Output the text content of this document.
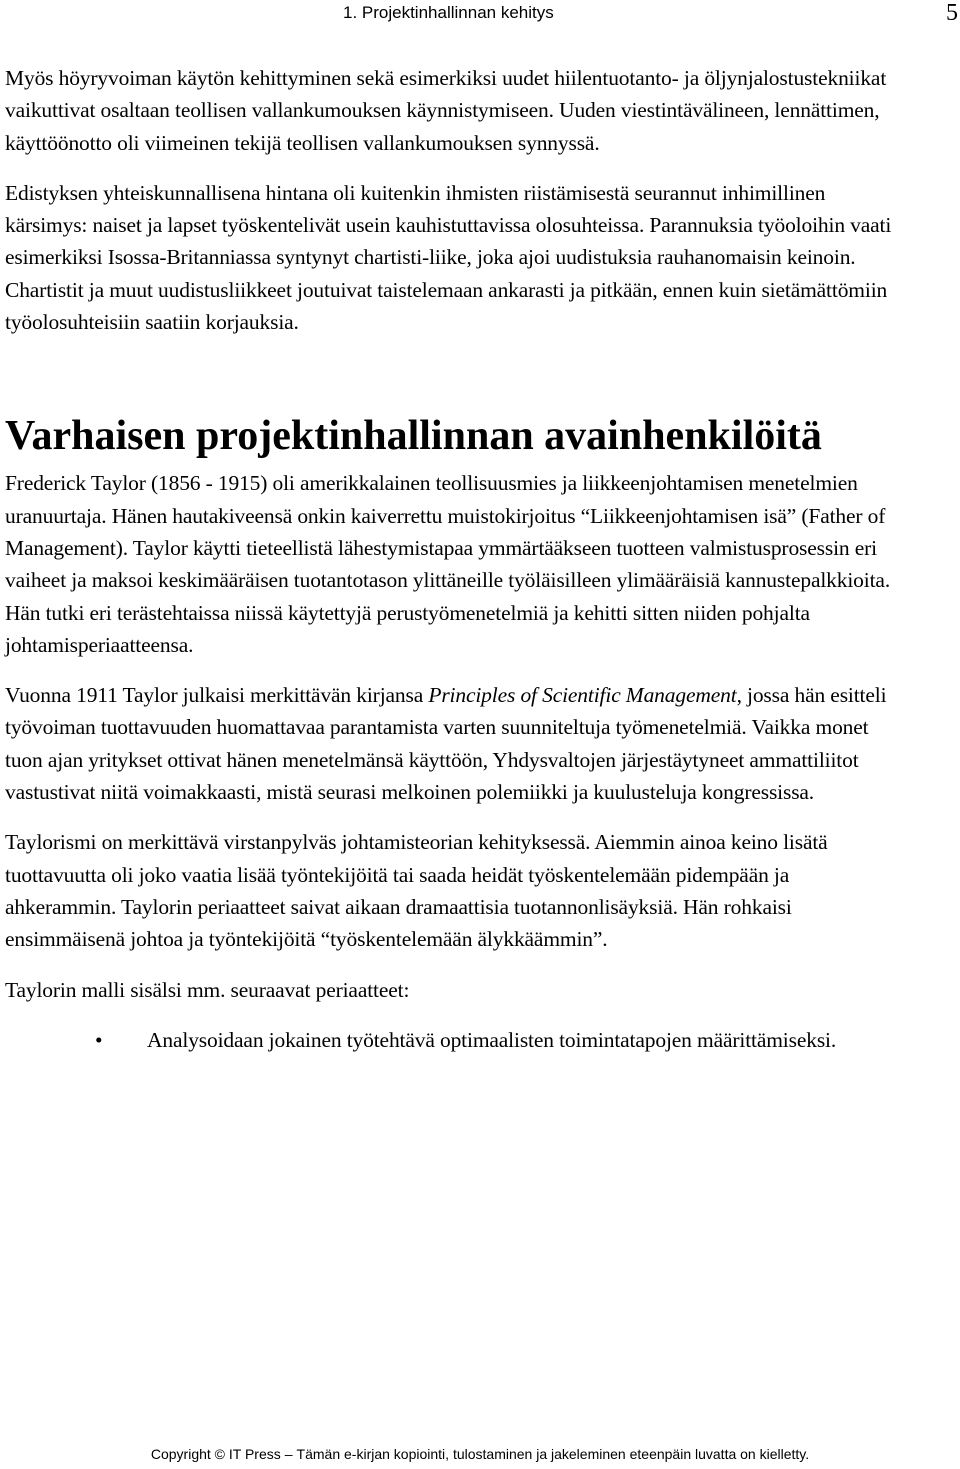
1. Projektinhallinnan kehitys	5

Myös höyryvoiman käytön kehittyminen sekä esimerkiksi uudet hiilentuotanto- ja öljynjalostustekniikat vaikuttivat osaltaan teollisen vallankumouksen käynnistymiseen. Uuden viestintävälineen, lennättimen, käyttöönotto oli viimeinen tekijä teollisen vallankumouksen synnyssä.

Edistyksen yhteiskunnallisena hintana oli kuitenkin ihmisten riistämisestä seurannut inhimillinen kärsimys: naiset ja lapset työskentelivät usein kauhistuttavissa olosuhteissa. Parannuksia työoloihin vaati esimerkiksi Isossa-Britanniassa syntynyt chartisti-liike, joka ajoi uudistuksia rauhanomaisin keinoin. Chartistit ja muut uudistusliikkeet joutuivat taistelemaan ankarasti ja pitkään, ennen kuin sietämättömiin työolosuhteisiin saatiin korjauksia.

Varhaisen projektinhallinnan avainhenkilöitä

Frederick Taylor (1856 - 1915) oli amerikkalainen teollisuusmies ja liikkeenjohtamisen menetelmien uranuurtaja. Hänen hautakiveensä onkin kaiverrettu muistokirjoitus “Liikkeenjohtamisen isä” (Father of Management). Taylor käytti tieteellistä lähestymistapaa ymmärtääkseen tuotteen valmistusprosessin eri vaiheet ja maksoi keskimääräisen tuotantotason ylittäneille työläisilleen ylimääräisiä kannustepalkkioita. Hän tutki eri terästehtaissa niissä käytettyjä perustyömenetelmiä ja kehitti sitten niiden pohjalta johtamisperiaatteensa.

Vuonna 1911 Taylor julkaisi merkittävän kirjansa Principles of Scientific Management, jossa hän esitteli työvoiman tuottavuuden huomattavaa parantamista varten suunniteltuja työmenetelmiä. Vaikka monet tuon ajan yritykset ottivat hänen menetelmänsä käyttöön, Yhdysvaltojen järjestäytyneet ammattiliitot vastustivat niitä voimakkaasti, mistä seurasi melkoinen polemiikki ja kuulusteluja kongressissa.

Taylorismi on merkittävä virstanpylväs johtamisteorian kehityksessä. Aiemmin ainoa keino lisätä tuottavuutta oli joko vaatia lisää työntekijöitä tai saada heidät työskentelemään pidempään ja ahkerammin. Taylorin periaatteet saivat aikaan dramaattisia tuotannonlisäyksiä. Hän rohkaisi ensimmäisenä johtoa ja työntekijöitä “työskentelemään älykkäämmin”.

Taylorin malli sisälsi mm. seuraavat periaatteet:

• Analysoidaan jokainen työtehtävä optimaalisten toimintatapojen määrittämiseksi.
Copyright © IT Press – Tämän e-kirjan kopiointi, tulostaminen ja jakeleminen eteenpäin luvatta on kielletty.
